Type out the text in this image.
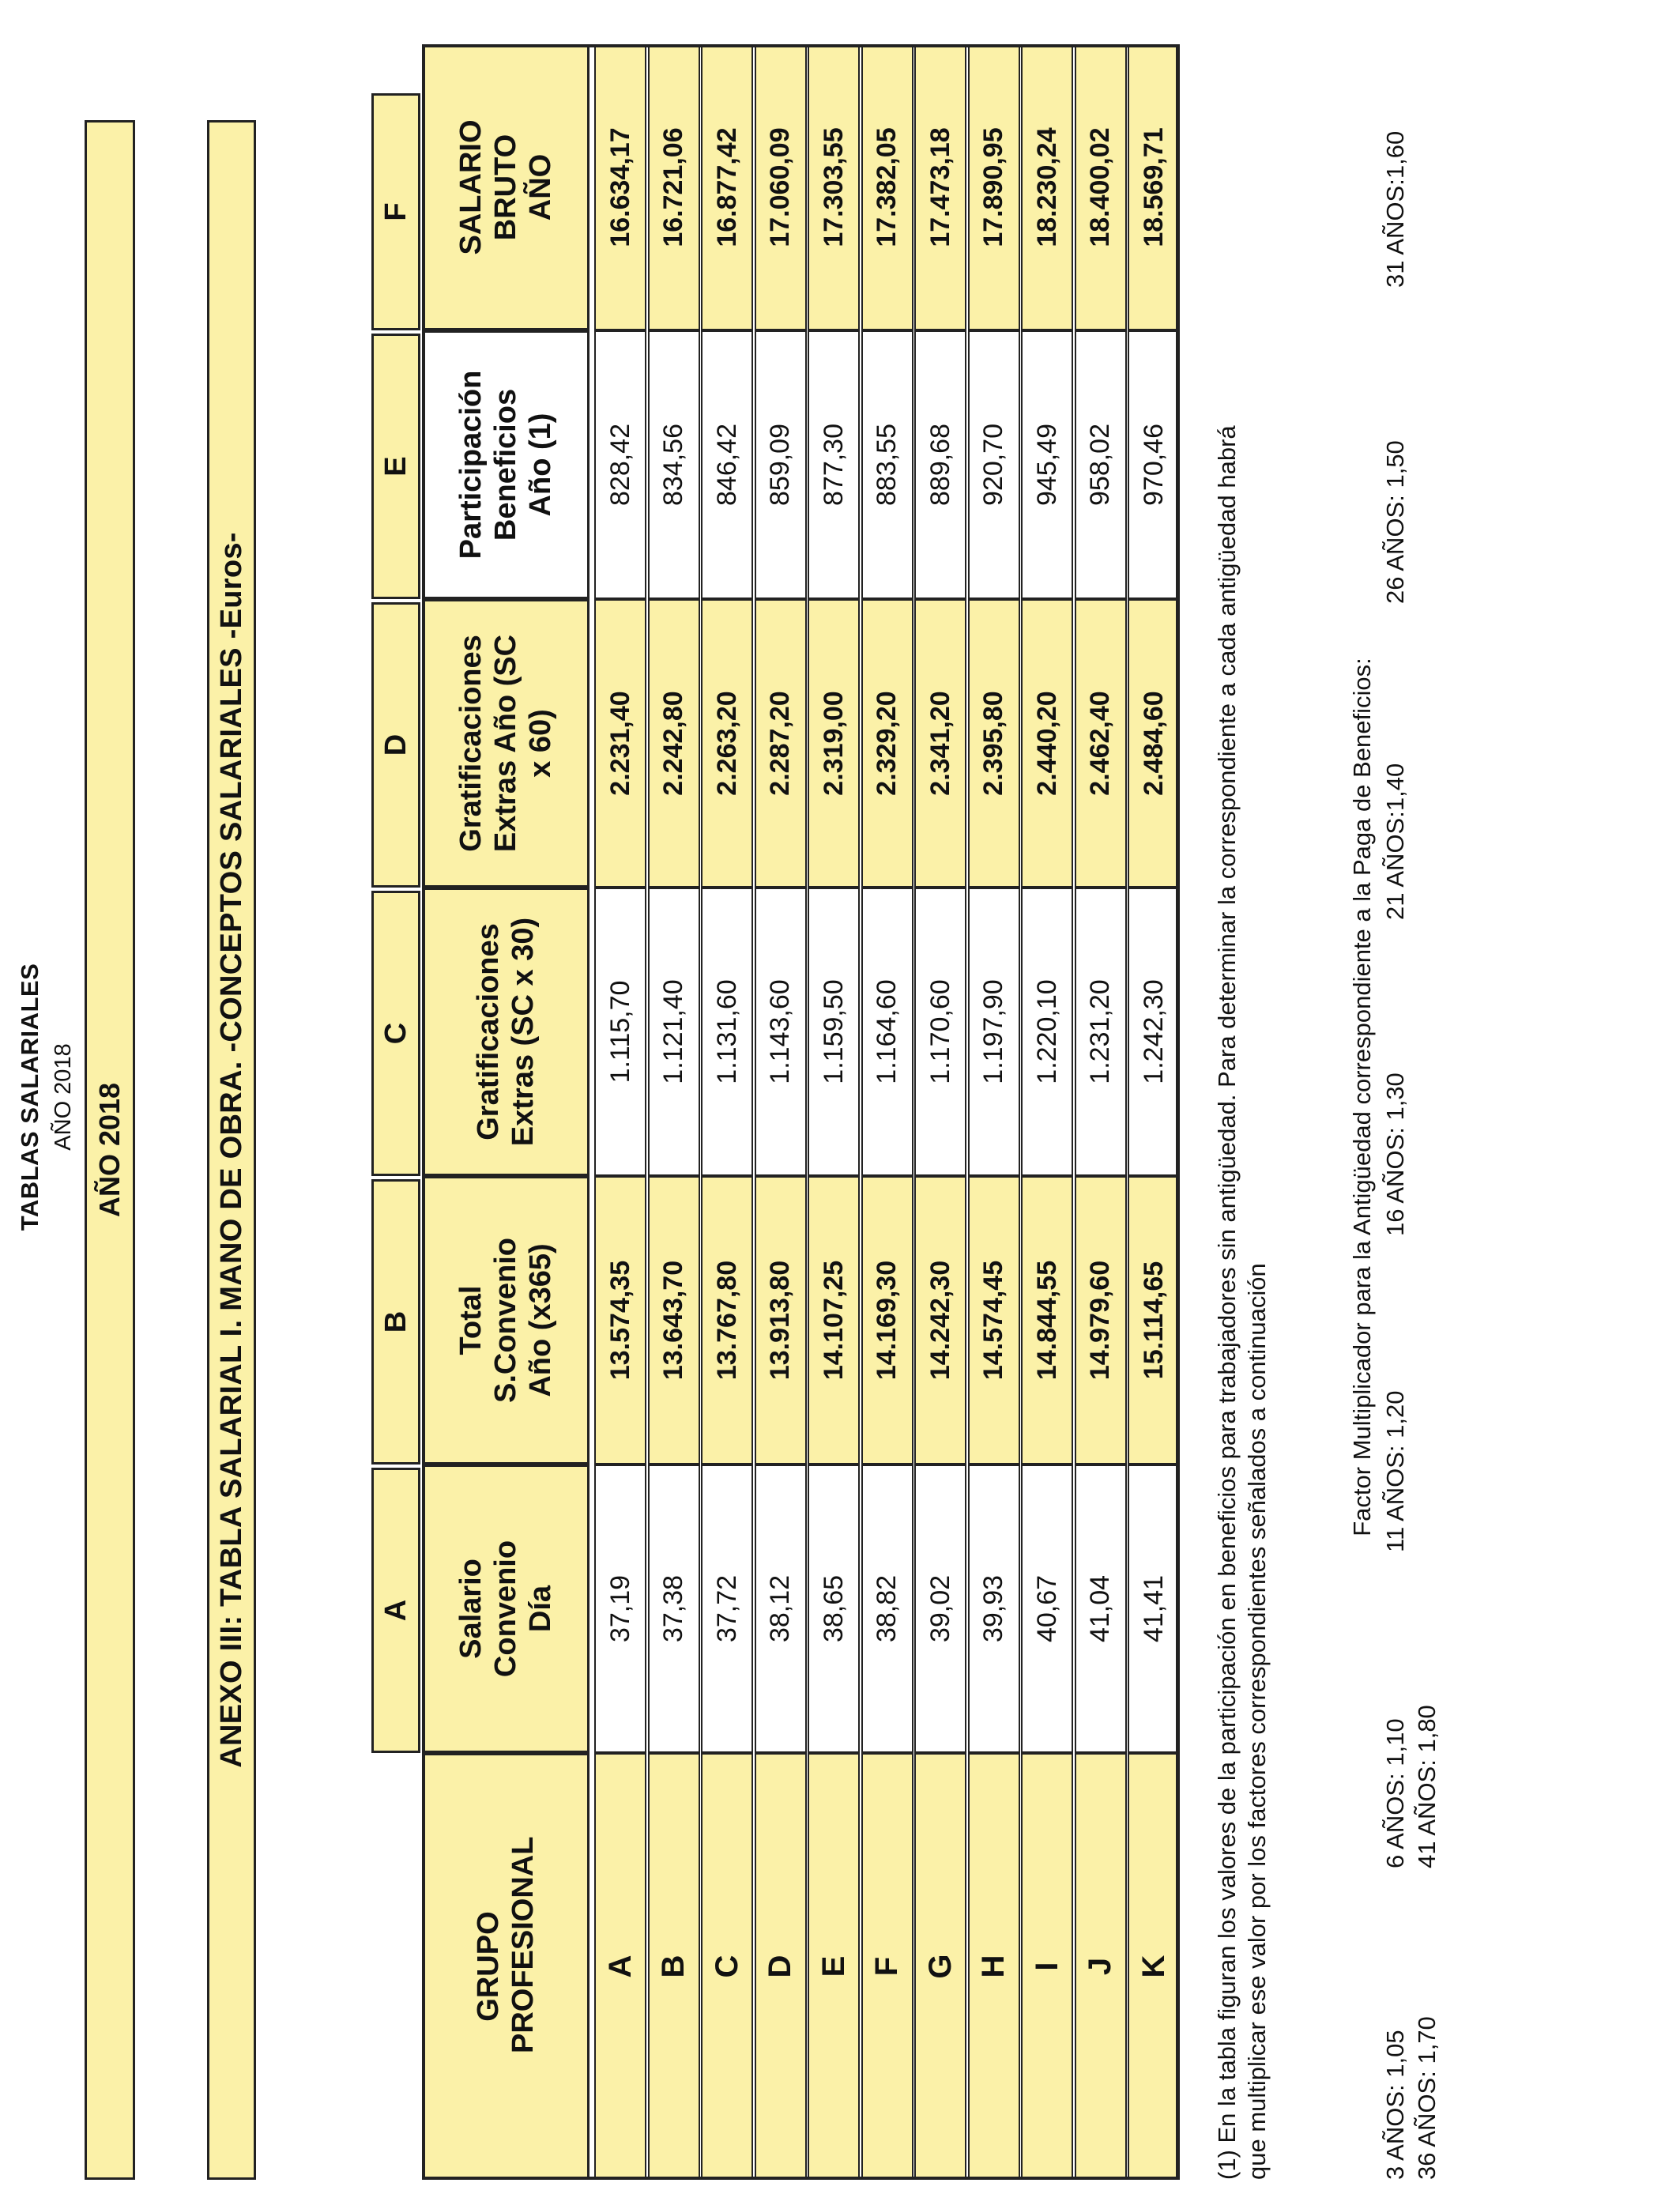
TABLAS SALARIALES AÑO 2018 AÑO 2018	ANEXO III: TABLA SALARIAL I. MANO DE OBRA. -CONCEPTOS SALARIALES -Euros-	A
B
C
D
E
F
GRUPO PROFESIONAL
Salario Convenio Día
Total S.Convenio Año (x365)
Gratificaciones Extras (SC x 30)
Gratificaciones Extras Año (SC x 60)
Participación Beneficios Año (1)
SALARIO BRUTO AÑO
A
37,19
13.574,35
1.115,70
2.231,40
828,42
16.634,17
B
37,38
13.643,70
1.121,40
2.242,80
834,56
16.721,06
C
37,72
13.767,80
1.131,60
2.263,20
846,42
16.877,42
D
38,12
13.913,80
1.143,60
2.287,20
859,09
17.060,09
E
38,65
14.107,25
1.159,50
2.319,00
877,30
17.303,55
F
38,82
14.169,30
1.164,60
2.329,20
883,55
17.382,05
G
39,02
14.242,30
1.170,60
2.341,20
889,68
17.473,18
H
39,93
14.574,45
1.197,90
2.395,80
920,70
17.890,95
I
40,67
14.844,55
1.220,10
2.440,20
945,49
18.230,24
J
41,04
14.979,60
1.231,20
2.462,40
958,02
18.400,02
K
41,41
15.114,65
1.242,30
2.484,60
970,46
18.569,71
(1) En la tabla figuran los valores de la participación en beneficios para trabajadores sin antigüedad. Para determinar la correspondiente a cada antigüedad habrá que multiplicar ese valor por los factores correspondientes señalados a continuación
Factor Multiplicador para la Antigüedad correspondiente a la Paga de Beneficios:
3 AÑOS: 1,05
6 AÑOS: 1,10
11 AÑOS: 1,20
16 AÑOS: 1,30
21 AÑOS:1,40
26 AÑOS: 1,50
31 AÑOS:1,60
36 AÑOS: 1,70
41 AÑOS: 1,80
